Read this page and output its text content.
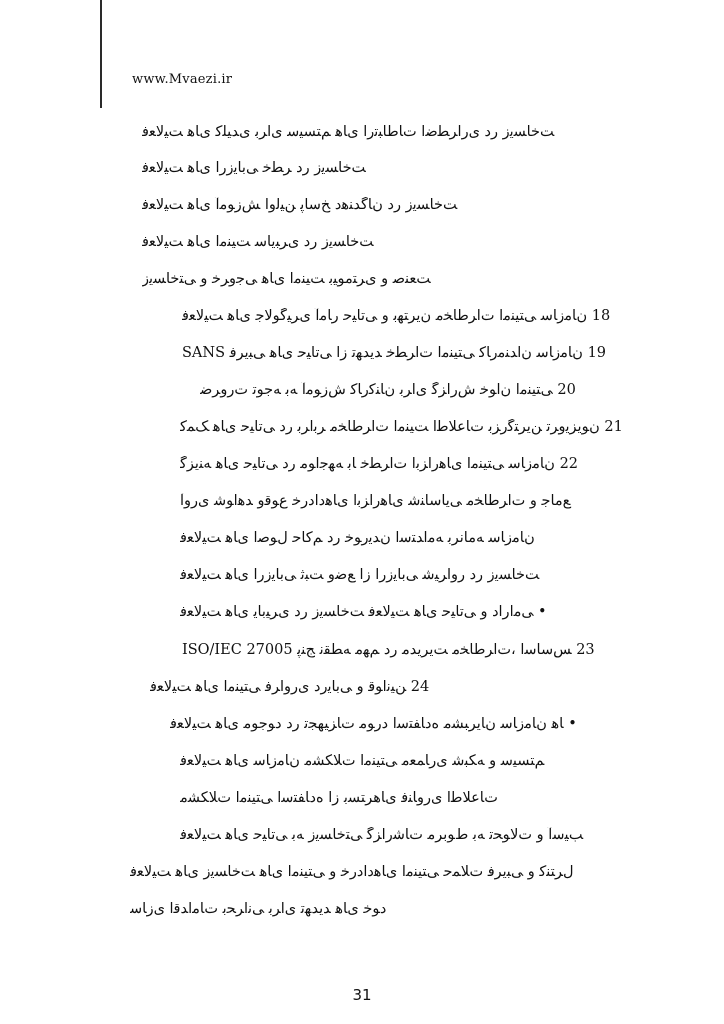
www.Mvaezi.ir
ﺖﺧﺎﺴﯾﺯ ﺭﺩ ﯼﺭﺍﺮﻄﺿﺍ ﺕﺎﻃﺎﺒﺗﺭﺍ ﯼﺎﻫ ﻢﺘﺴﯿﺳ ﯼﺍﺮﺑ ﯼﺪﯿﻠﮐ ﯼﺎﻫ ﺖﯿﻟﺎﻌﻓ
ﺖﺧﺎﺴﯾﺯ ﺭﺩ ﺮﻄﺧ ﯽﺑﺎﯾﺯﺭﺍ ﯼﺎﻫ ﺖﯿﻟﺎﻌﻓ
ﺖﺧﺎﺴﯾﺯ ﺭﺩ ﻥﺎﮔﺪﻨﻫﺩ ﺦﺳﺎﭘ ﻦﯿﻟﻭﺍ ﺶﺯﻮﻣﺁ ﯼﺎﻫ ﺖﯿﻟﺎﻌﻓ
ﺖﺧﺎﺴﯾﺯ ﺭﺩ ﯼﺮﺒﯾﺎﺳ ﺖﯿﻨﻣﺍ ﯼﺎﻫ ﺖﯿﻟﺎﻌﻓ
ﺖﻌﻨﺻ ﻭ ﯼﺮﺘﻣﻮﯿﺑ ﺖﯿﻨﻣﺍ ﯼﺎﻫ ﯽﺟﻭﺮﺧ ﻭ ﯽﺘﺧﺎﺴﯾﺯ
18 ﻥﺎﻣﺯﺎﺳ ﯽﺘﯿﻨﻣﺍ ﺕﺍﺮﻃﺎﺨﻣ ﻥﯾﺮﺘﻬﺑ ﻭ ﯽﺗﺎﯿﺣ ﺭﺎﻣﺁ ﯼﺮﯿﮔﻮﻟﺎﺟ ﯼﺎﻫ ﺖﯿﻟﺎﻌﻓ
19 ﻥﺎﻣﺯﺎﺳ ﻥﺍﺪﻨﻣﺭﺎﮐ ﯽﺘﯿﻨﻣﺍ ﺕﺍﺮﻄﺧ ﺪﯾﺪﻬﺗ ﺯﺍ ﯽﺗﺎﯿﺣ ﯼﺎﻫ ﯽﺒﯾﺮﻓ SANS
20 ﯽﺘﯿﻨﻣﺍ ﻥﺍﻮﺧ ﺵﺭﺍﺰﮔ ﯼﺍﺮﺑ ﻥﺎﻨﮐﺭﺎﮐ ﺵﺯﻮﻣﺁ ﻪﺑ ﻪﺟﻮﺗ ﺕﺭﻭﺮﺿ
21 ﻥﻮﯾﺰﯾﻭﺮﺗ ﻦﯾﺮﺘﮔﺭﺰﺑ ﺕﺎﻋﻼﻃﺍ ﺖﯿﻨﻣﺍ ﺕﺍﺮﻃﺎﺨﻣ ﺮﺑﺍﺮﺑ ﺭﺩ ﯽﺗﺎﯿﺣ ﯼﺎﻫ ﮏﻤﮐ
22 ﻥﺎﻣﺯﺎﺳ ﯽﺘﯿﻨﻣﺍ ﯼﺎﻫﺭﺍﺰﺑﺍ ﺕﺍﺮﻄﺧ ﺎﺑ ﻪﻬﺟﺍﻮﻣ ﺭﺩ ﯽﺗﺎﯿﺣ ﯼﺎﻫ ﻪﻨﯾﺰﮔ
ﻊﻣﺎﺟ ﻭ ﺕﺍﺮﻃﺎﺨﻣ ﯽﯾﺎﺳﺎﻨﺷ ﯼﺎﻫﺭﺍﺰﺑﺍ ﯼﺎﻫﺩﺍﺩﺭﺧ ﻉﻮﻗﻭ ﺪﻫﺍﻮﺷ ﯼﺭﻭﺁ
ﻥﺎﻣﺯﺎﺳ ﻪﻣﺎﻧﺮﺑ ﻪﻣﺍﺪﺘﺳﺍ ﻥﺪﯾﺭﻮﺧ ﺭﺩ ﻢﮐﺎﺣ ﻝﻮﺻﺍ ﯼﺎﻫ ﺖﯿﻟﺎﻌﻓ
ﺖﺧﺎﺴﯾﺯ ﺭﺩ ﺭﻭﺍﺮﯿﺷ ﯽﺑﺎﯾﺯﺭﺍ ﺯﺍ ﻊﺿﻭ ﺖﺒﺛ ﯽﺑﺎﯾﺯﺭﺍ ﯼﺎﻫ ﺖﯿﻟﺎﻌﻓ
• ﯽﻣﺍﺭﺍﺩ ﻭ ﯽﺗﺎﯿﺣ ﯼﺎﻫ ﺖﯿﻟﺎﻌﻓ ﺖﺧﺎﺴﯾﺯ ﺭﺩ ﯼﺮﯿﺑﺎﯾ ﯼﺎﻫ ﺖﯿﻟﺎﻌﻓ
23 ﺲﺳﺎﺳﺍ ،ﺕﺍﺮﻃﺎﺨﻣ ﺖﯾﺮﯾﺪﻣ ﺭﺩ ﻢﻬﻣ ﻪﻄﻘﻧ ﺞﻨﭘ ISO/IEC 27005
24 ﻦﯿﻧﺍﻮﻗ ﻭ ﯽﺑﺎﯾﺭﺩ ﯼﺭﻭﺍﺮﻓ ﯽﺘﯿﻨﻣﺍ ﯼﺎﻫ ﺖﯿﻟﺎﻌﻓ
• ﺎﻫ ﻥﺎﻣﺯﺎﺳ ﻥﺎﯾﺮﺒﺸﻣ ﻩﺩﺎﻔﺘﺳﺍ ﺩﺭﻮﻣ ﺕﺎﺰﯿﻬﺠﺗ ﺭﺩ ﺩﻮﺟﻮﻣ ﯼﺎﻫ ﺖﯿﻟﺎﻌﻓ
ﻢﺘﺴﯿﺳ ﻭ ﻪﮑﺒﺷ ﯼﺭﺎﻤﻌﻣ ﯽﺘﯿﻨﻣﺍ ﺕﻼﮑﺸﻣ ﻥﺎﻣﺯﺎﺳ ﯼﺎﻫ ﺖﯿﻟﺎﻌﻓ
ﺕﺎﻋﻼﻃﺍ ﯼﺭﻭﺎﻨﻓ ﯼﺎﻫﺮﺘﺴﺑ ﺯﺍ ﻩﺩﺎﻔﺘﺳﺍ ﯽﺘﯿﻨﻣﺍ ﺕﻼﮑﺸﻣ
ﺐﯿﺳﺁ ﻭ ﺕﻻﻮﺤﺗ ﻪﺑ ﻁﻮﺑﺮﻣ ﺕﺎﺷﺭﺍﺰﮔ ﯽﺘﺧﺎﺴﯾﺯ ﻪﺑ ﯽﺗﺎﯿﺣ ﯼﺎﻫ ﺖﯿﻟﺎﻌﻓ
ﻝﺮﺘﻨﮐ ﻭ ﯽﺒﯾﺮﻓ ﺕﻼﻤﺣ ﯽﺘﯿﻨﻣﺍ ﯼﺎﻫﺩﺍﺩﺭﺧ ﻭ ﯽﺘﯿﻨﻣﺍ ﯼﺎﻫ ﺖﺧﺎﺴﯾﺯ ﯼﺎﻫ ﺖﯿﻟﺎﻌﻓ
ﺩﻮﺧ ﯼﺎﻫ ﺪﯾﺪﻬﺗ ﯼﺍﺮﺑ ﯽﻧﺍﺮﺤﺑ ﺕﺎﻣﺍﺪﻗﺍ ﯼﺯﺎﺳ
31
